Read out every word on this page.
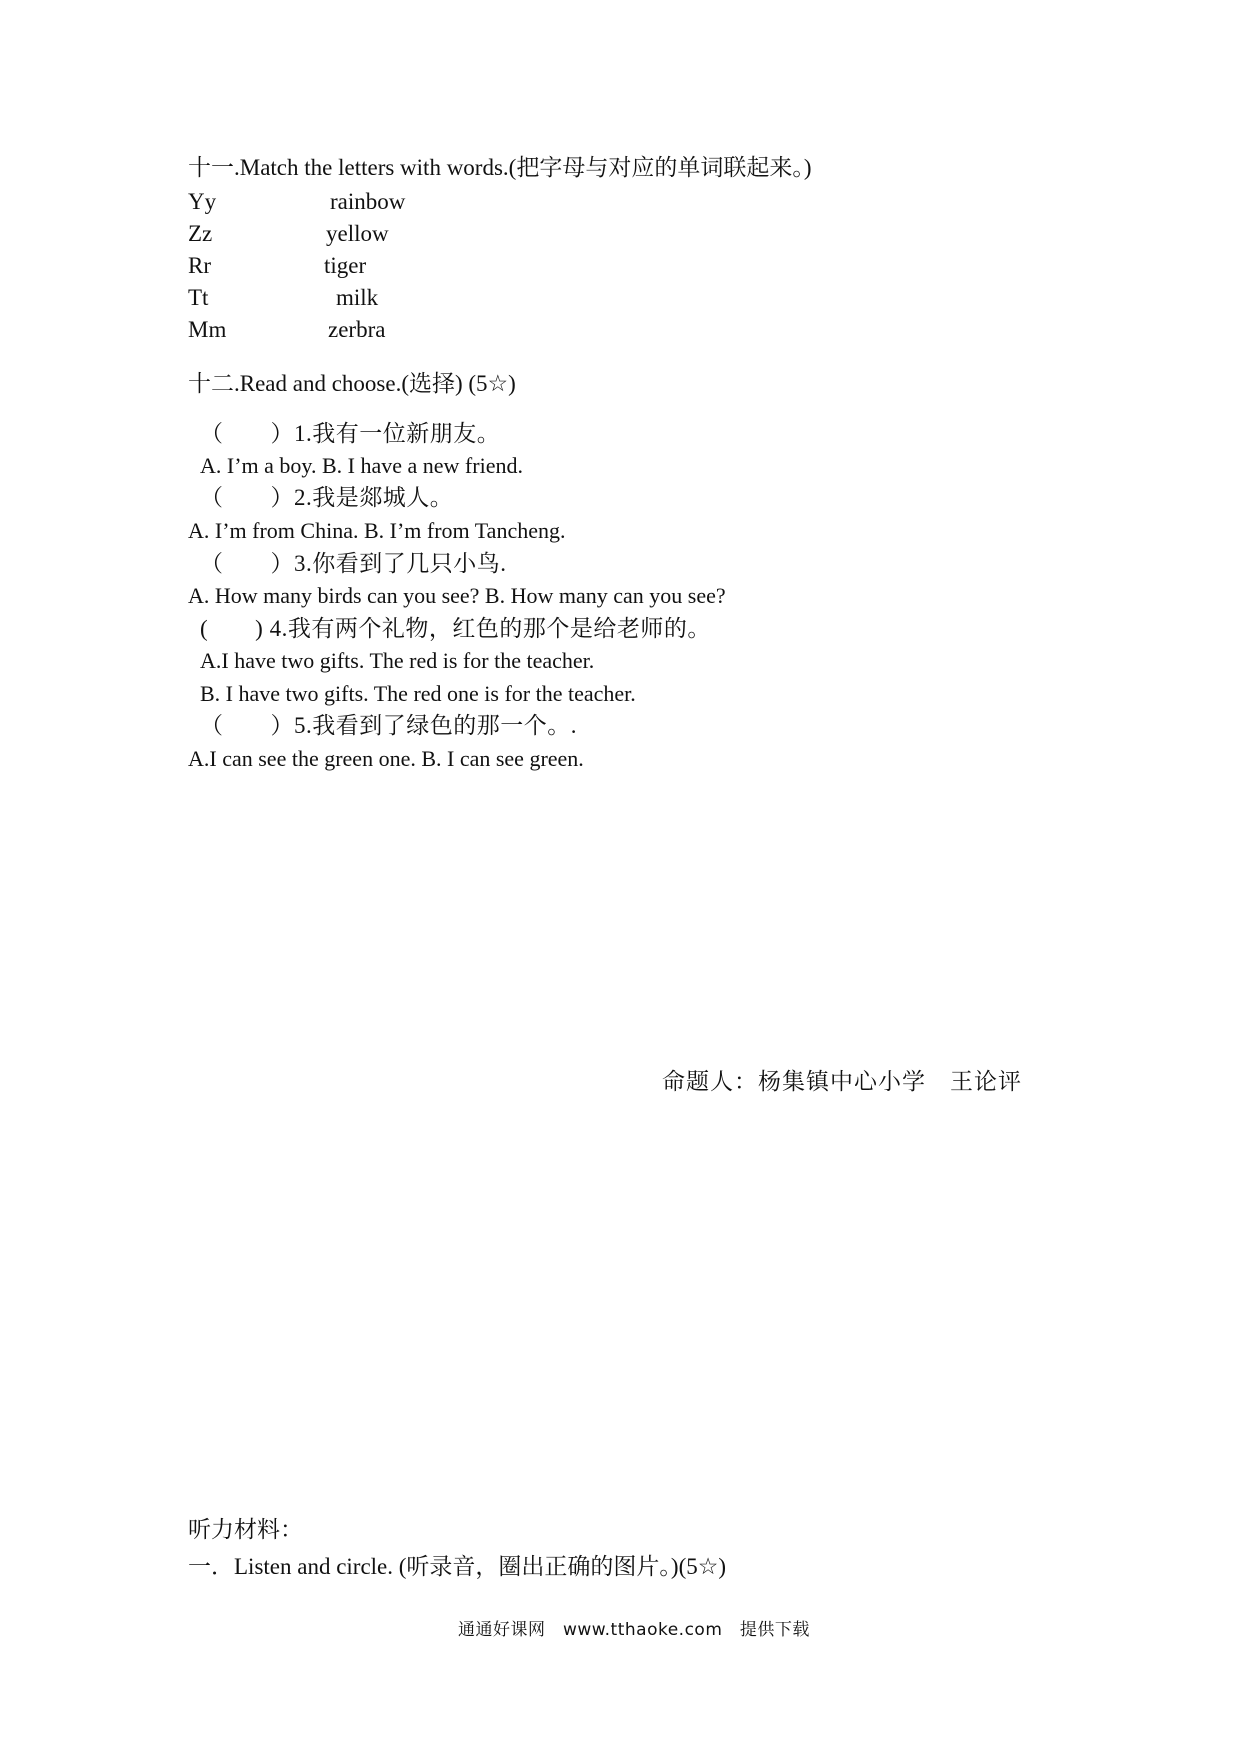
十一.Match the letters with words.(把字母与对应的单词联起来。)
Yy	rainbow
Zz	yellow
Rr	tiger
Tt	milk
Mm	zerbra
十二.Read and choose.(选择) (5☆)
（　　）1.我有一位新朋友。
A. I’m a boy. B. I have a new friend.
（　　）2.我是郯城人。
A. I’m from China. B. I’m from Tancheng.
（　　）3.你看到了几只小鸟.
A. How many birds can you see? B. How many can you see?
(　　) 4.我有两个礼物，红色的那个是给老师的。
A.I have two gifts. The red is for the teacher.
B. I have two gifts. The red one is for the teacher.
（　　）5.我看到了绿色的那一个。.
A.I can see the green one. B. I can see green.
命题人：杨集镇中心小学　王论评
听力材料：
一．Listen and circle. (听录音，圈出正确的图片。)(5☆)
通通好课网　www.tthaoke.com　提供下载
